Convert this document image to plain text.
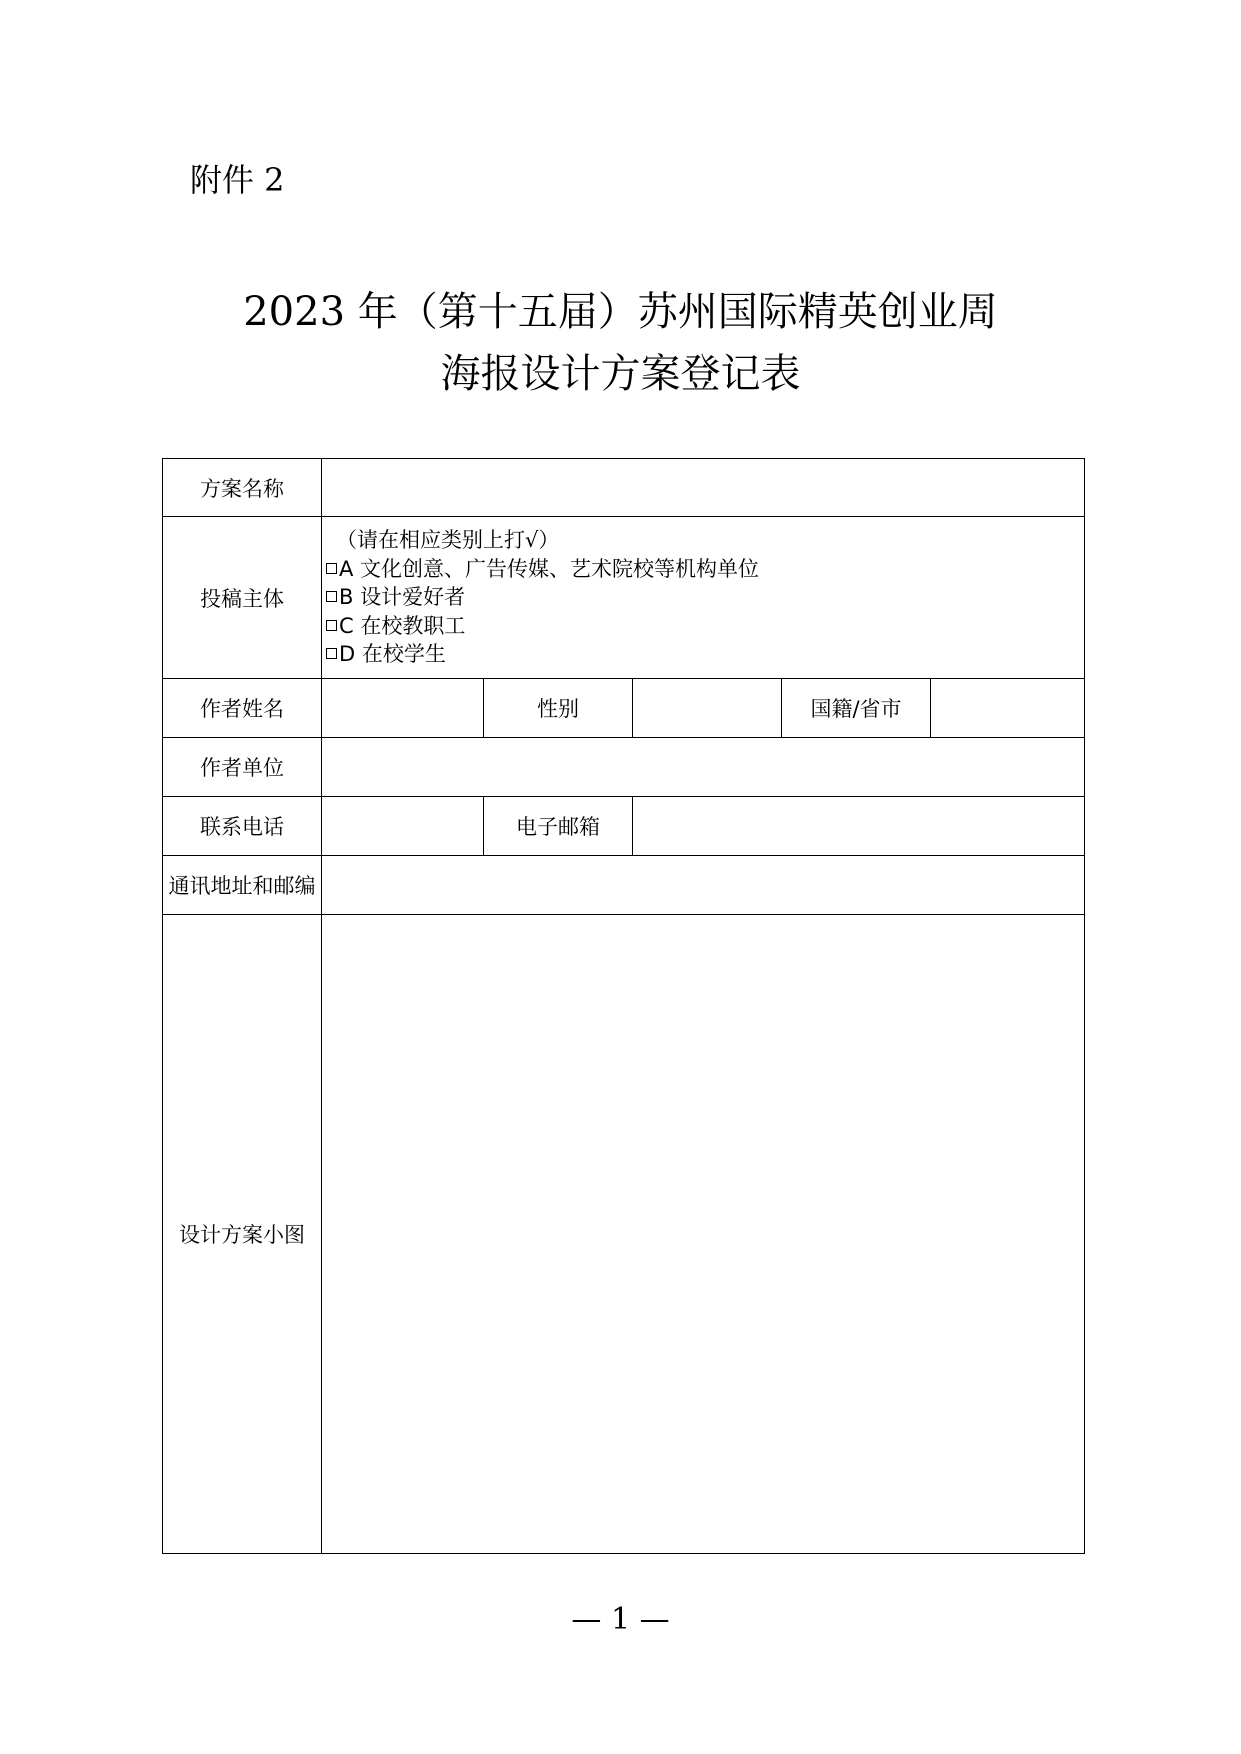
附件 2
2023 年（第十五届）苏州国际精英创业周
海报设计方案登记表
方案名称					
投稿主体	（请在相应类别上打√）
A 文化创意、广告传媒、艺术院校等机构单位
B 设计爱好者
C 在校教职工
D 在校学生				

作者姓名		性别		国籍/省市	
作者单位					
联系电话		电子邮箱			
通讯地址和邮编					
设计方案小图					
— 1 —
